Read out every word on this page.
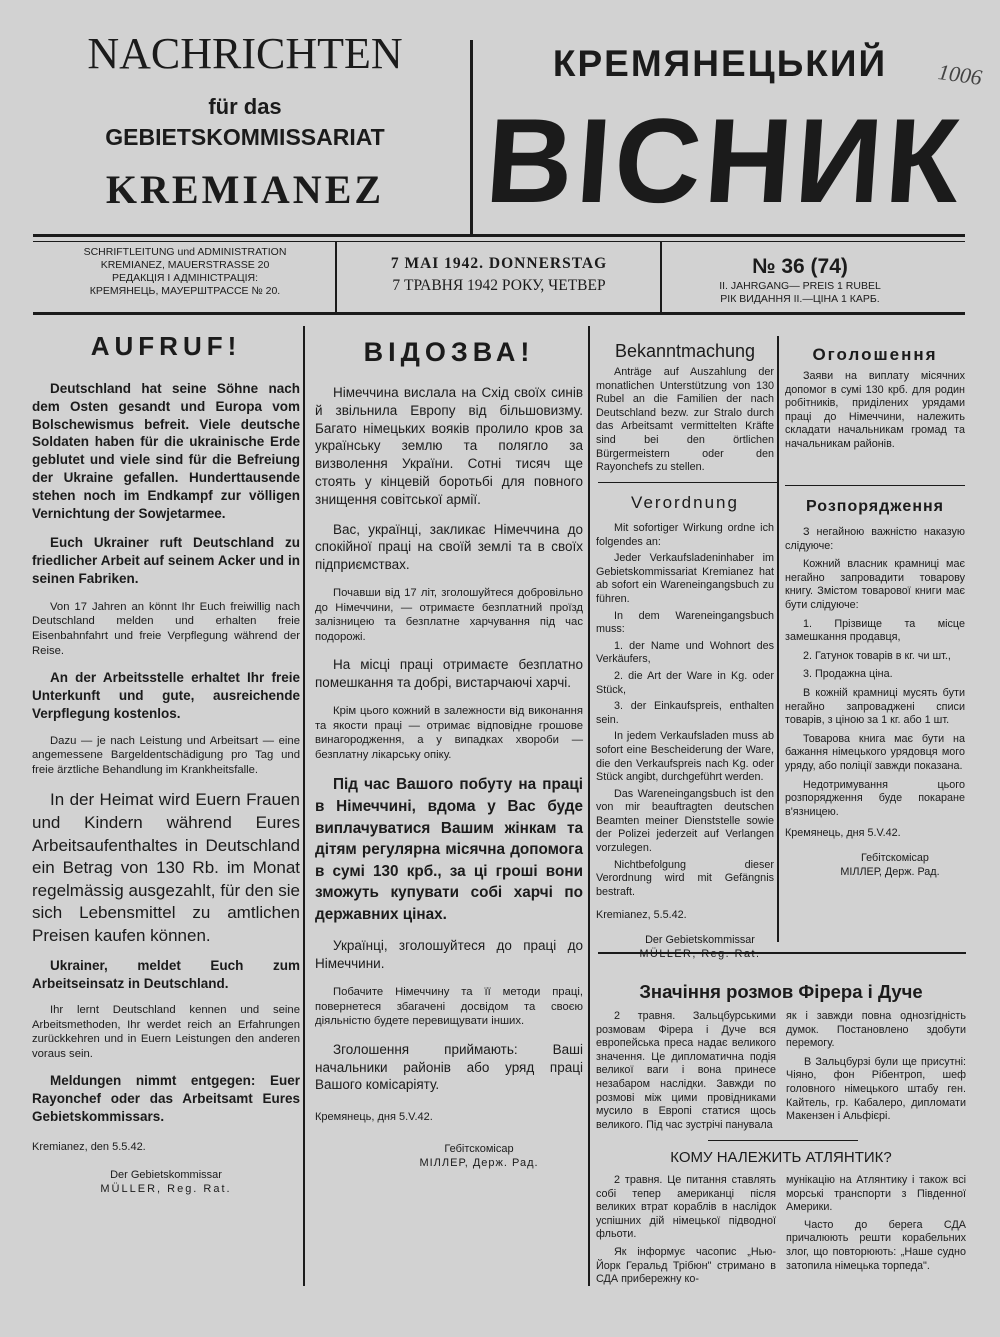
NACHRICHTEN
für das
GEBIETSKOMMISSARIAT
KREMIANEZ
КРЕМЯНЕЦЬКИЙ
ВІСНИК
1006
SCHRIFTLEITUNG und ADMINISTRATION
KREMIANEZ, MAUERSTRASSE 20
РЕДАКЦІЯ І АДМІНІСТРАЦІЯ:
КРЕМЯНЕЦЬ, МАУЕРШТРАССЕ № 20.
7 MAI 1942. DONNERSTAG
7 ТРАВНЯ 1942 РОКУ, ЧЕТВЕР
№ 36 (74)
II. JAHRGANG— PREIS 1 RUBEL
РІК ВИДАННЯ ІІ.—ЦІНА 1 КАРБ.
AUFRUF!
Deutschland hat seine Söhne nach dem Osten gesandt und Europa vom Bolschewismus befreit. Viele deutsche Soldaten haben für die ukrainische Erde geblutet und viele sind für die Befreiung der Ukraine gefallen. Hunderttausende stehen noch im Endkampf zur völligen Vernichtung der Sowjetarmee.
Euch Ukrainer ruft Deutschland zu friedlicher Arbeit auf seinem Acker und in seinen Fabriken.
Von 17 Jahren an könnt Ihr Euch freiwillig nach Deutschland melden und erhalten freie Eisenbahnfahrt und freie Verpflegung während der Reise.
An der Arbeitsstelle erhaltet Ihr freie Unterkunft und gute, ausreichende Verpflegung kostenlos.
Dazu — je nach Leistung und Arbeitsart — eine angemessene Bargeldentschädigung pro Tag und freie ärztliche Behandlung im Krankheitsfalle.
In der Heimat wird Euern Frauen und Kindern während Eures Arbeitsaufenthaltes in Deutschland ein Betrag von 130 Rb. im Monat regelmässig ausgezahlt, für den sie sich Lebensmittel zu amtlichen Preisen kaufen können.
Ukrainer, meldet Euch zum Arbeitseinsatz in Deutschland.
Ihr lernt Deutschland kennen und seine Arbeitsmethoden, Ihr werdet reich an Erfahrungen zurückkehren und in Euern Leistungen den anderen voraus sein.
Meldungen nimmt entgegen: Euer Rayonchef oder das Arbeitsamt Eures Gebietskommissars.
Kremianez, den 5.5.42.
Der Gebietskommissar
MÜLLER, Reg. Rat.
ВІДОЗВА!
Німеччина вислала на Схід своїх синів й звільнила Европу від більшовизму. Багато німецьких вояків пролило кров за українську землю та поляглo за визволення України. Сотні тисяч ще стоять у кінцевій боротьбі для повного знищення совітської армії.
Вас, українці, закликає Німеччина до спокійної праці на своїй землі та в своїх підприємствах.
Почавши від 17 літ, зголошуйтеся добровільно до Німеччини, — отримаєте безплатний проїзд залізницею та безплатне харчування під час подорожі.
На місці праці отримаєте безплатно помешкання та добрі, вистарчаючі харчі.
Крім цього кожний в залежности від виконання та якости праці — отримає відповідне грошове винагородження, а у випадках хвороби — безплатну лікарську опіку.
Під час Вашого побуту на праці в Німеччині, вдома у Вас буде виплачуватися Вашим жінкам та дітям регулярна місячна допомога в сумі 130 крб., за ці гроші вони зможуть купувати собі харчі по державних цінах.
Українці, зголошуйтеся до праці до Німеччини.
Побачите Німеччину та її методи праці, повернетеся збагачені досвідом та своєю діяльністю будете перевищувати інших.
Зголошення приймають: Ваші начальники районів або уряд праці Вашого комісаріяту.
Кремянець, дня 5.V.42.
Гебітскомісар
МІЛЛЕР, Держ. Рад.
Bekanntmachung
Anträge auf Auszahlung der monatlichen Unterstützung von 130 Rubel an die Familien der nach Deutschland bezw. zur Stralo durch das Arbeitsamt vermittelten Kräfte sind bei den örtlichen Bürgermeistern oder den Rayonchefs zu stellen.
Оголошення
Заяви на виплату місячних допомог в сумі 130 крб. для родин робітників, приділених урядами праці до Німеччини, належить складати начальникам громад та начальникам районів.
Verordnung
Mit sofortiger Wirkung ordne ich folgendes an:
Jeder Verkaufsladeninhaber im Gebietskommissariat Kremianez hat ab sofort ein Wareneingangsbuch zu führen.
In dem Wareneingangsbuch muss:
1. der Name und Wohnort des Verkäufers,
2. die Art der Ware in Kg. oder Stück,
3. der Einkaufspreis, enthalten sein.
In jedem Verkaufsladen muss ab sofort eine Bescheiderung der Ware, die den Verkaufspreis nach Kg. oder Stück angibt, durchgeführt werden.
Das Wareneingangsbuch ist den von mir beauftragten deutschen Beamten meiner Dienststelle sowie der Polizei jederzeit auf Verlangen vorzulegen.
Nichtbefolgung dieser Verordnung wird mit Gefängnis bestraft.
Kremianez, 5.5.42.
Der Gebietskommissar
MÜLLER, Reg. Rat.
Розпорядження
З негайною важністю наказую слідуюче:
Кожний власник крамниці має негайно запровадити товарову книгу. Змістом товарової книги має бути слідуюче:
1. Прізвище та місце замешкання продавця,
2. Гатунок товарів в кг. чи шт.,
3. Продажна ціна.
В кожній крамниці мусять бути негайно запроваджені списи товарів, з ціною за 1 кг. або 1 шт.
Товарова книга має бути на бажання німецького урядовця мого уряду, або поліції завжди показана.
Недотримування цього розпорядження буде покаране в'язницею.
Кремянець, дня 5.V.42.
Гебітскомісар
МІЛЛЕР, Держ. Рад.
Значіння розмов Фірера і Дуче
2 травня. Зальцбурськими розмовам Фірера і Дуче вся европейська преса надає великого значення. Це дипломатична подія великої ваги і вона принесе незабаром наслідки. Завжди по розмові між цими провідниками мусило в Европі статися щось великого. Під час зустрічі панувала
як і завжди повна однозгідність думок. Постановлено здобути перемогу.
В Зальцбурзі були ще присутні: Чіяно, фон Рібентроп, шеф головного німецького штабу ген. Кайтель, гр. Кабалеро, дипломати Макензен і Альфієрі.
КОМУ НАЛЕЖИТЬ АТЛЯНТИК?
2 травня. Це питання ставлять собі тепер американці після великих втрат кораблів в наслідок успішних дій німецької підводної фльоти.
Як інформує часопис „Нью-Йорк Геральд Трібюн" стримано в СДА прибережну ко-
мунікацію на Атлянтику і також всі морські транспорти з Південної Америки.
Часто до берега СДА причалюють решти корабельних злог, що повторюють: „Наше судно затопила німецька торпеда".
